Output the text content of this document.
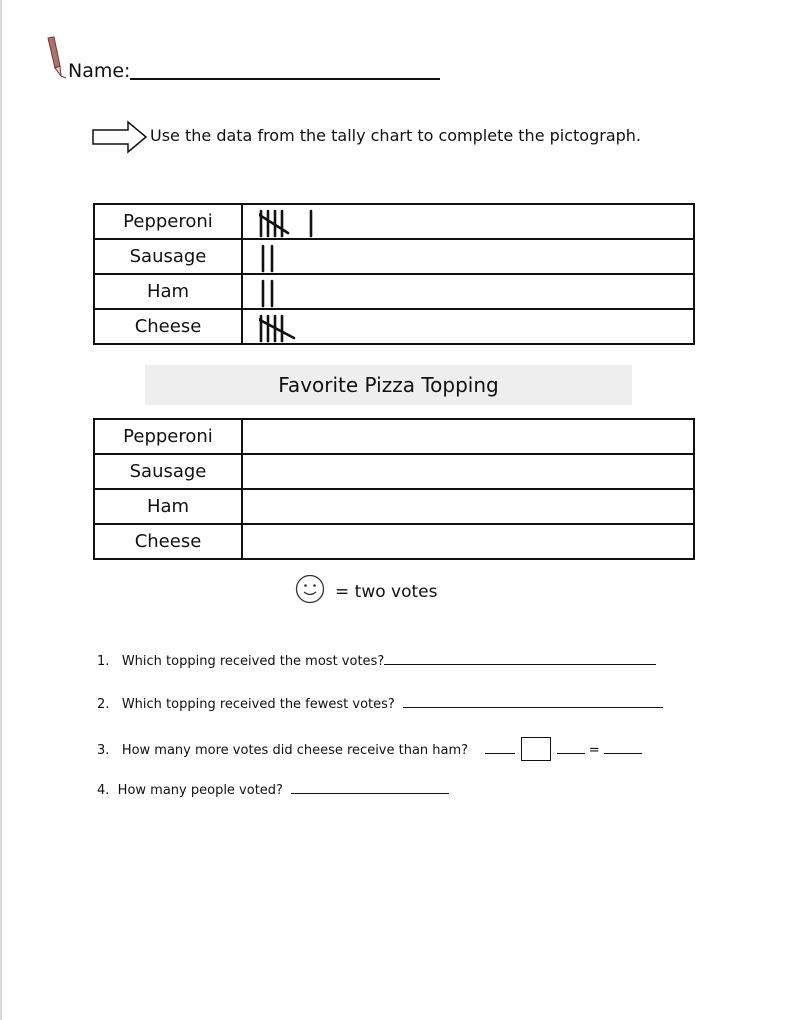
Name:
Use the data from the tally chart to complete the pictograph.
Pepperoni	

Sausage	

Ham	

Cheese	
Favorite Pizza Topping
Pepperoni	
Sausage	
Ham	
Cheese	
= two votes
1. Which topping received the most votes?
2. Which topping received the fewest votes?
3. How many more votes did cheese receive than ham?	=
4. How many people voted?
